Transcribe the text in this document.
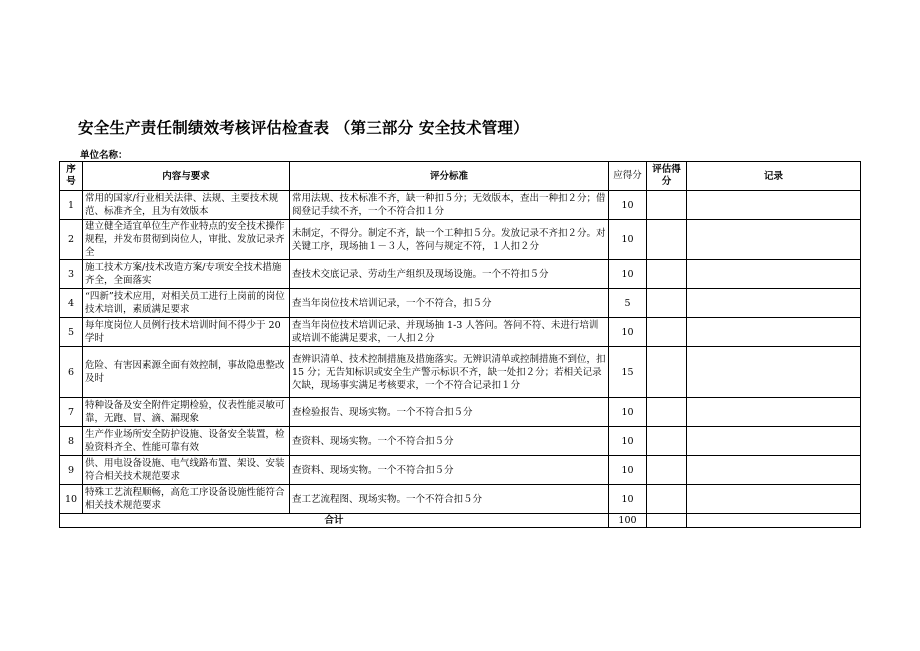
安全生产责任制绩效考核评估检查表 （第三部分 安全技术管理）
单位名称：
序号	内容与要求	评分标准	应得分	评估得分	记录
1	常用的国家/行业相关法律、法规、主要技术规范、标准齐全，且为有效版本	常用法规、技术标准不齐，缺一种扣５分；无效版本，查出一种扣２分；借阅登记手续不齐，一个不符合扣１分	10		
2	建立健全适宜单位生产作业特点的安全技术操作规程，并发布贯彻到岗位人，审批、发放记录齐全	未制定，不得分。制定不齐，缺一个工种扣５分。发放记录不齐扣２分。对关键工序，现场抽１－３人，答问与规定不符，１人扣２分	10		
3	施工技术方案/技术改造方案/专项安全技术措施齐全，全面落实	查技术交底记录、劳动生产组织及现场设施。一个不符扣５分	10		
4	“四新”技术应用，对相关员工进行上岗前的岗位技术培训，素质满足要求	查当年岗位技术培训记录，一个不符合，扣５分	5		
5	每年度岗位人员例行技术培训时间不得少于 20 学时	查当年岗位技术培训记录、并现场抽 1-3 人答问。答问不符、未进行培训或培训不能满足要求，一人扣２分	10		
6	危险、有害因素源全面有效控制，事故隐患整改及时	查辨识清单、技术控制措施及措施落实。无辨识清单或控制措施不到位，扣 15 分；无告知标识或安全生产警示标识不齐，缺一处扣２分；若相关记录欠缺，现场事实满足考核要求，一个不符合记录扣１分	15		
7	特种设备及安全附件定期检验，仪表性能灵敏可靠，无跑、冒、滴、漏现象	查检验报告、现场实物。一个不符合扣５分	10		
8	生产作业场所安全防护设施、设备安全装置，检验资料齐全、性能可靠有效	查资料、现场实物。一个不符合扣５分	10		
9	供、用电设备设施、电气线路布置、架设、安装符合相关技术规范要求	查资料、现场实物。一个不符合扣５分	10		
10	特殊工艺流程顺畅，高危工序设备设施性能符合相关技术规范要求	查工艺流程图、现场实物。一个不符合扣５分	10		
合计			100		
